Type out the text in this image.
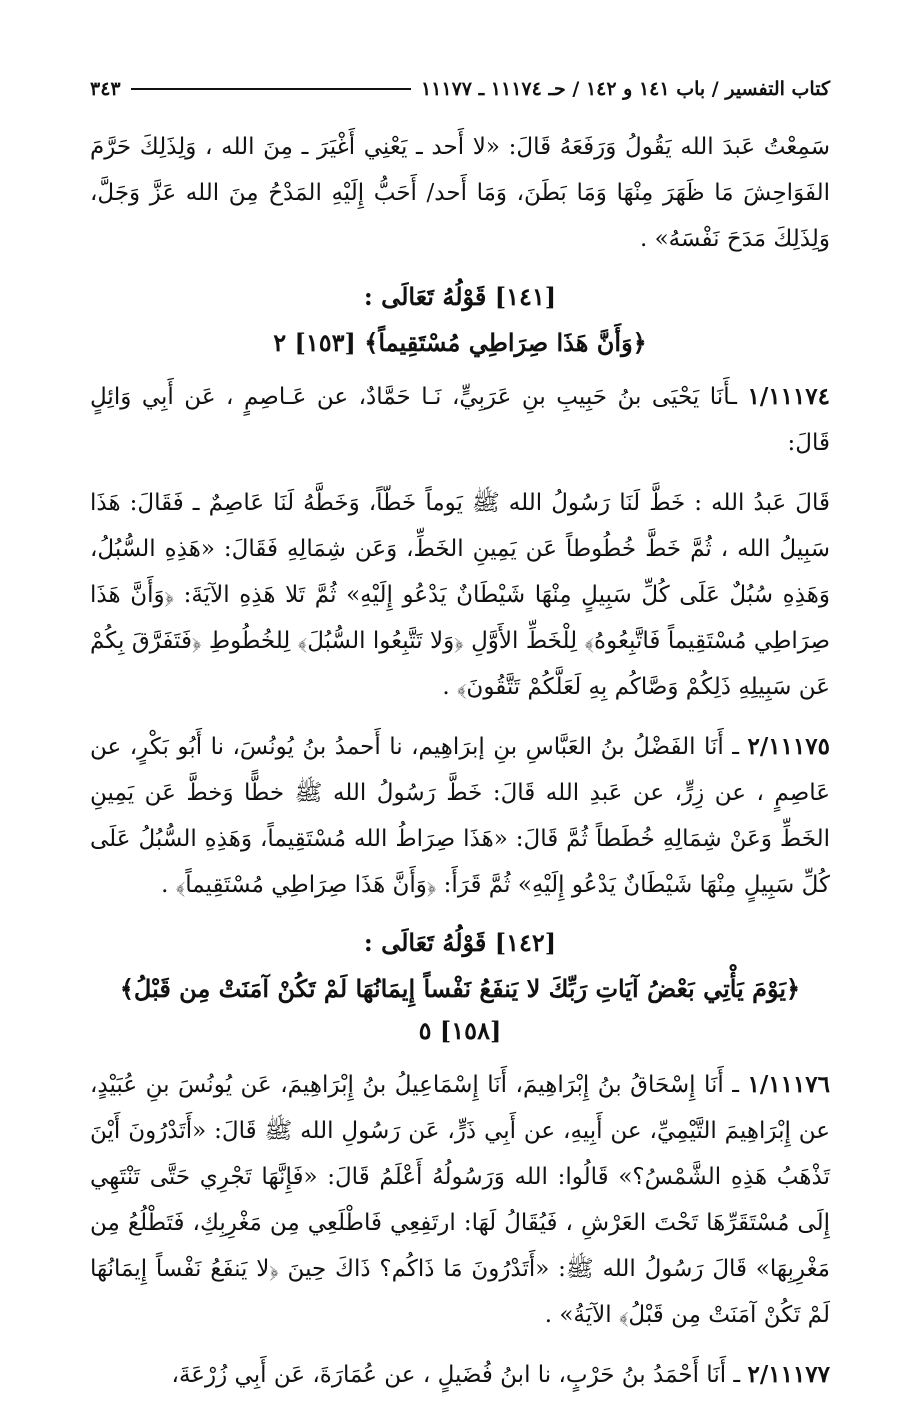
كتاب التفسير / باب ١٤١ و ١٤٢ / حـ ١١١٧٤ ـ ١١١٧٧
٣٤٣

سَمِعْتُ عَبدَ الله يَقُولُ وَرَفَعَهُ قَالَ: «لا أَحد ـ يَعْنِي أَغْيَرَ ـ مِنَ الله ، وَلِذَلِكَ حَرَّمَ الفَوَاحِشَ مَا ظَهَرَ مِنْهَا وَمَا بَطَنَ، وَمَا أَحد/ أَحَبُّ إِلَيْهِ المَدْحُ مِنَ الله عَزَّ وَجَلَّ، وَلِذَلِكَ مَدَحَ نَفْسَهُ» .

[١٤١] قَوْلُهُ تَعَالَى :
﴿وَأَنَّ هَذَا صِرَاطِي مُسْتَقِيماً﴾ [١٥٣] ٢

١/١١١٧٤ ـأَنَا يَحْيَى بنُ حَبِيبِ بنِ عَرَبِيٍّ، نَـا حَمَّادٌ، عن عَـاصِمٍ ، عَن أَبِي وَائِلٍ قَالَ:

قَالَ عَبدُ الله : خَطَّ لَنَا رَسُولُ الله ﷺ يَوماً خَطّاً، وَخَطَّهُ لَنَا عَاصِمٌ ـ فَقَالَ: هَذَا سَبِيلُ الله ، ثُمَّ خَطَّ خُطُوطاً عَن يَمِينِ الخَطِّ، وَعَن شِمَالِهِ فَقَالَ: «هَذِهِ السُّبُلُ، وَهَذِهِ سُبُلٌ عَلَى كُلِّ سَبِيلٍ مِنْهَا شَيْطَانٌ يَدْعُو إِلَيْهِ» ثُمَّ تَلا هَذِهِ الآيَةَ: ﴿وَأَنَّ هَذَا صِرَاطِي مُسْتَقِيماً فَاتَّبِعُوهُ﴾ لِلْخَطِّ الأَوَّلِ ﴿وَلا تَتَّبِعُوا السُّبُلَ﴾ لِلخُطُوطِ ﴿فَتَفَرَّقَ بِكُمْ عَن سَبِيلِهِ ذَلِكُمْ وَصَّاكُم بِهِ لَعَلَّكُمْ تَتَّقُونَ﴾ .

٢/١١١٧٥ ـ أَنَا الفَضْلُ بنُ العَبَّاسِ بنِ إبرَاهِيم، نا أَحمدُ بنُ يُونُسَ، نا أَبُو بَكْرٍ، عن عَاصِمٍ ، عن زِرٍّ، عن عَبدِ الله قَالَ: خَطَّ رَسُولُ الله ﷺ خطًّا وَخطَّ عَن يَمِينِ الخَطِّ وَعَنْ شِمَالِهِ خُطَطاً ثُمَّ قَالَ: «هَذَا صِرَاطُ الله مُسْتَقِيماً، وَهَذِهِ السُّبُلُ عَلَى كُلِّ سَبِيلٍ مِنْهَا شَيْطَانٌ يَدْعُو إِلَيْهِ» ثُمَّ قَرَأَ: ﴿وَأَنَّ هَذَا صِرَاطِي مُسْتَقِيماً﴾ .

[١٤٢] قَوْلُهُ تَعَالَى :
﴿يَوْمَ يَأْتِي بَعْضُ آيَاتِ رَبِّكَ لا يَنفَعُ نَفْساً إِيمَانُهَا لَمْ تَكُنْ آمَنَتْ مِن قَبْلُ﴾[١٥٨] ٥

١/١١١٧٦ ـ أَنَا إِسْحَاقُ بنُ إِبْرَاهِيمَ، أَنَا إِسْمَاعِيلُ بنُ إِبْرَاهِيمَ، عَن يُونُسَ بنِ عُبَيْدٍ، عن إِبْرَاهِيمَ التَّيْمِيِّ، عن أَبِيهِ، عن أَبِي ذَرٍّ، عَن رَسُولِ الله ﷺ قَالَ: «أَتَدْرُونَ أَيْنَ تَذْهَبُ هَذِهِ الشَّمْسُ؟» قَالُوا: الله وَرَسُولُهُ أَعْلَمُ قَالَ: «فَإِنَّهَا تَجْرِي حَتَّى تَنْتَهِي إِلَى مُسْتَقَرِّهَا تَحْتَ العَرْشِ ، فَيُقَالُ لَهَا: ارتَفِعِي فَاطْلَعِي مِن مَغْرِبِكِ، فَتَطْلُعُ مِن مَغْرِبِهَا» قَالَ رَسُولُ الله ﷺ: «أَتَدْرُونَ مَا ذَاكُم؟ ذَاكَ حِينَ ﴿لا يَنفَعُ نَفْساً إِيمَانُهَا لَمْ تَكُنْ آمَنَتْ مِن قَبْلُ﴾ الآيَةُ» .

٢/١١١٧٧ ـ أَنَا أَحْمَدُ بنُ حَرْبٍ، نا ابنُ فُضَيلٍ ، عن عُمَارَةَ، عَن أَبِي زُرْعَةَ،
